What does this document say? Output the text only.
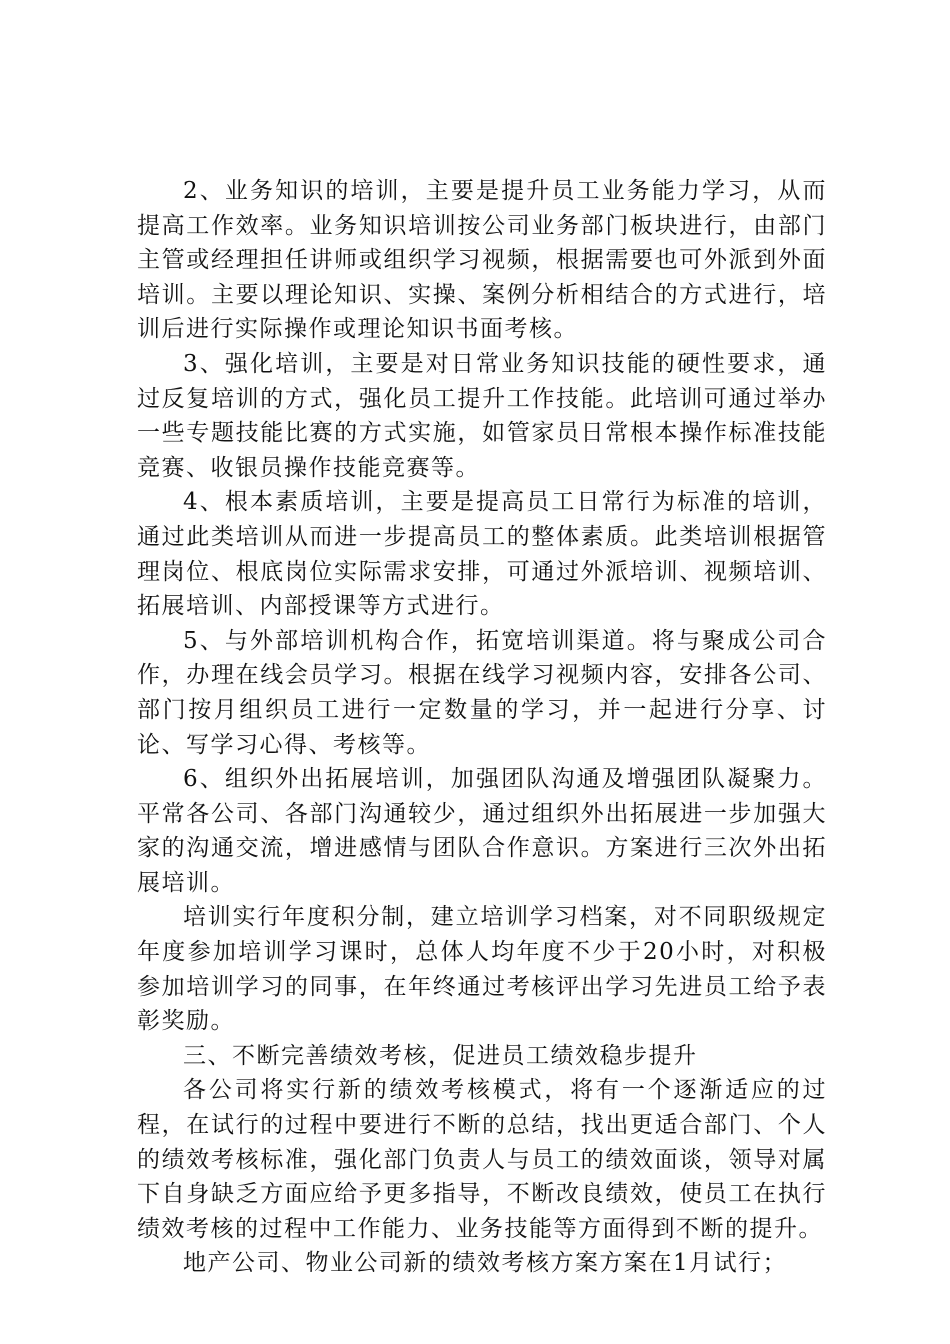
2、业务知识的培训，主要是提升员工业务能力学习，从而提高工作效率。业务知识培训按公司业务部门板块进行，由部门主管或经理担任讲师或组织学习视频，根据需要也可外派到外面培训。主要以理论知识、实操、案例分析相结合的方式进行，培训后进行实际操作或理论知识书面考核。

3、强化培训，主要是对日常业务知识技能的硬性要求，通过反复培训的方式，强化员工提升工作技能。此培训可通过举办一些专题技能比赛的方式实施，如管家员日常根本操作标准技能竞赛、收银员操作技能竞赛等。

4、根本素质培训，主要是提高员工日常行为标准的培训，通过此类培训从而进一步提高员工的整体素质。此类培训根据管理岗位、根底岗位实际需求安排，可通过外派培训、视频培训、拓展培训、内部授课等方式进行。

5、与外部培训机构合作，拓宽培训渠道。将与聚成公司合作，办理在线会员学习。根据在线学习视频内容，安排各公司、部门按月组织员工进行一定数量的学习，并一起进行分享、讨论、写学习心得、考核等。

6、组织外出拓展培训，加强团队沟通及增强团队凝聚力。平常各公司、各部门沟通较少，通过组织外出拓展进一步加强大家的沟通交流，增进感情与团队合作意识。方案进行三次外出拓展培训。

培训实行年度积分制，建立培训学习档案，对不同职级规定年度参加培训学习课时，总体人均年度不少于20小时，对积极参加培训学习的同事，在年终通过考核评出学习先进员工给予表彰奖励。

三、不断完善绩效考核，促进员工绩效稳步提升

各公司将实行新的绩效考核模式，将有一个逐渐适应的过程，在试行的过程中要进行不断的总结，找出更适合部门、个人的绩效考核标准，强化部门负责人与员工的绩效面谈，领导对属下自身缺乏方面应给予更多指导，不断改良绩效，使员工在执行绩效考核的过程中工作能力、业务技能等方面得到不断的提升。

地产公司、物业公司新的绩效考核方案方案在1月试行；
